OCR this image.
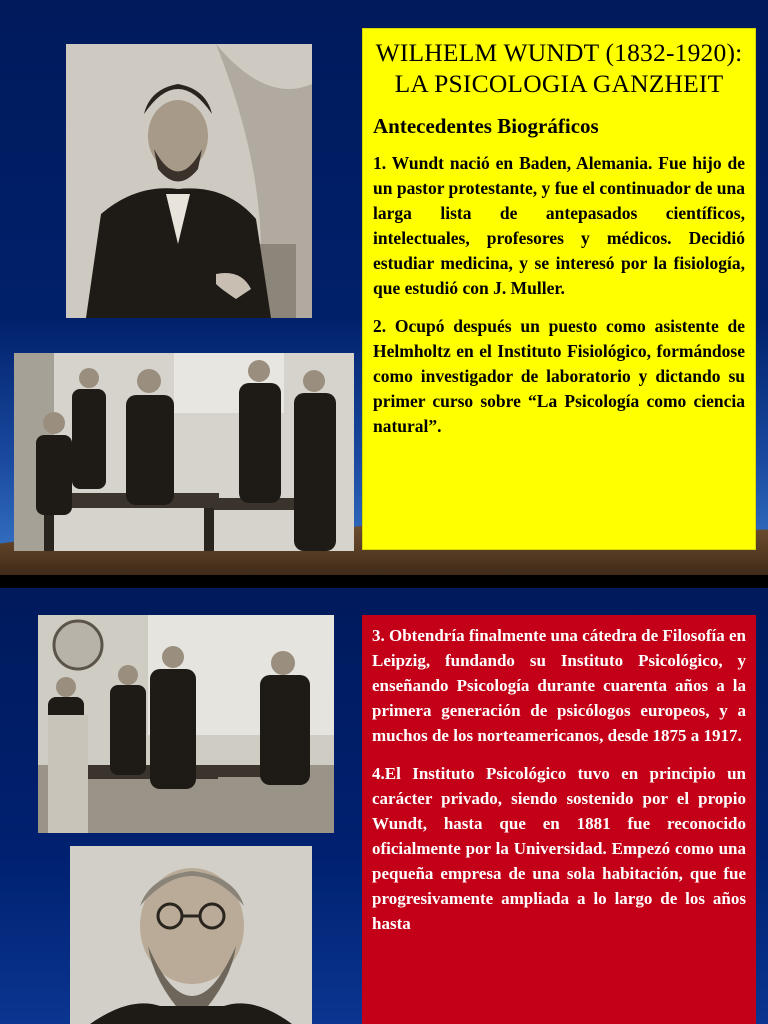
WILHELM WUNDT (1832-1920): LA PSICOLOGIA GANZHEIT
Antecedentes Biográficos

1. Wundt nació en Baden, Alemania. Fue hijo de un pastor protestante, y fue el continuador de una larga lista de antepasados científicos, intelectuales, profesores y médicos. Decidió estudiar medicina, y se interesó por la fisiología, que estudió con J. Muller.

2. Ocupó después un puesto como asistente de Helmholtz en el Instituto Fisiológico, formándose como investigador de laboratorio y dictando su primer curso sobre “La Psicología como ciencia natural”.

3. Obtendría finalmente una cátedra de Filosofía en Leipzig, fundando su Instituto Psicológico, y enseñando Psicología durante cuarenta años a la primera generación de psicólogos europeos, y a muchos de los norteamericanos, desde 1875 a 1917.

4.El Instituto Psicológico tuvo en principio un carácter privado, siendo sostenido por el propio Wundt, hasta que en 1881 fue reconocido oficialmente por la Universidad. Empezó como una pequeña empresa de una sola habitación, que fue progresivamente ampliada a lo largo de los años hasta
